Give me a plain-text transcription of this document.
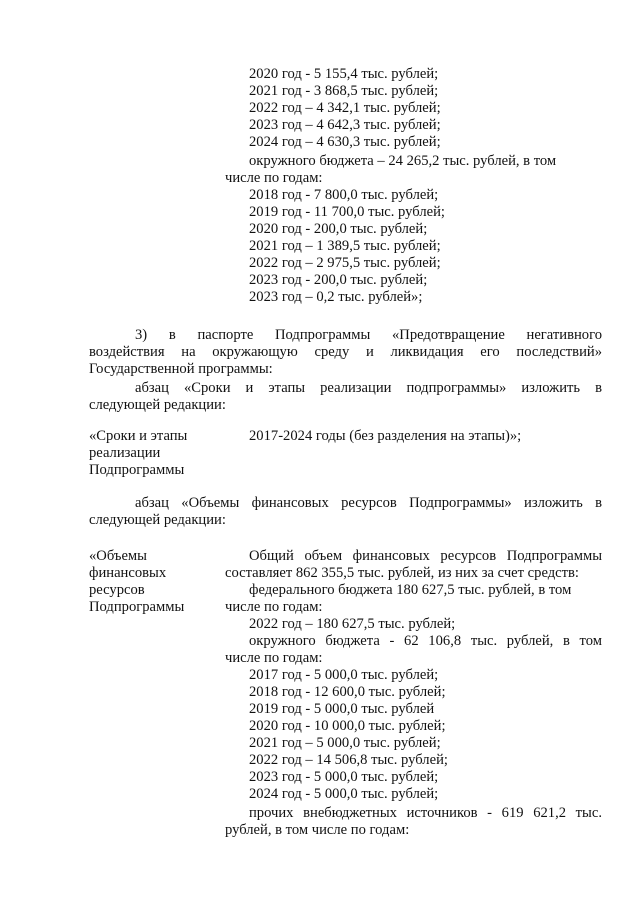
2020 год - 5 155,4 тыс. рублей;
2021 год - 3 868,5 тыс. рублей;
2022 год – 4 342,1 тыс. рублей;
2023 год – 4 642,3 тыс. рублей;
2024 год – 4 630,3 тыс. рублей;
окружного бюджета – 24 265,2 тыс. рублей, в том
числе по годам:
2018 год - 7 800,0 тыс. рублей;
2019 год - 11 700,0 тыс. рублей;
2020 год - 200,0 тыс. рублей;
2021 год – 1 389,5 тыс. рублей;
2022 год – 2 975,5 тыс. рублей;
2023 год - 200,0 тыс. рублей;
2023 год – 0,2 тыс. рублей»;
3) в паспорте Подпрограммы «Предотвращение негативного
воздействия на окружающую среду и ликвидация его последствий»
Государственной программы:
абзац «Сроки и этапы реализации подпрограммы» изложить в
следующей редакции:
«Сроки и этапы
реализации
Подпрограммы
2017-2024 годы (без разделения на этапы)»;
абзац «Объемы финансовых ресурсов Подпрограммы» изложить в
следующей редакции:
«Объемы
финансовых
ресурсов
Подпрограммы
Общий объем финансовых ресурсов Подпрограммы
составляет 862 355,5 тыс. рублей, из них за счет средств:
федерального бюджета 180 627,5 тыс. рублей, в том
числе по годам:
2022 год – 180 627,5 тыс. рублей;
окружного бюджета - 62 106,8 тыс. рублей, в том
числе по годам:
2017 год - 5 000,0 тыс. рублей;
2018 год - 12 600,0 тыс. рублей;
2019 год - 5 000,0 тыс. рублей
2020 год - 10 000,0 тыс. рублей;
2021 год – 5 000,0 тыс. рублей;
2022 год – 14 506,8 тыс. рублей;
2023 год - 5 000,0 тыс. рублей;
2024 год - 5 000,0 тыс. рублей;
прочих внебюджетных источников - 619 621,2 тыс.
рублей, в том числе по годам:
